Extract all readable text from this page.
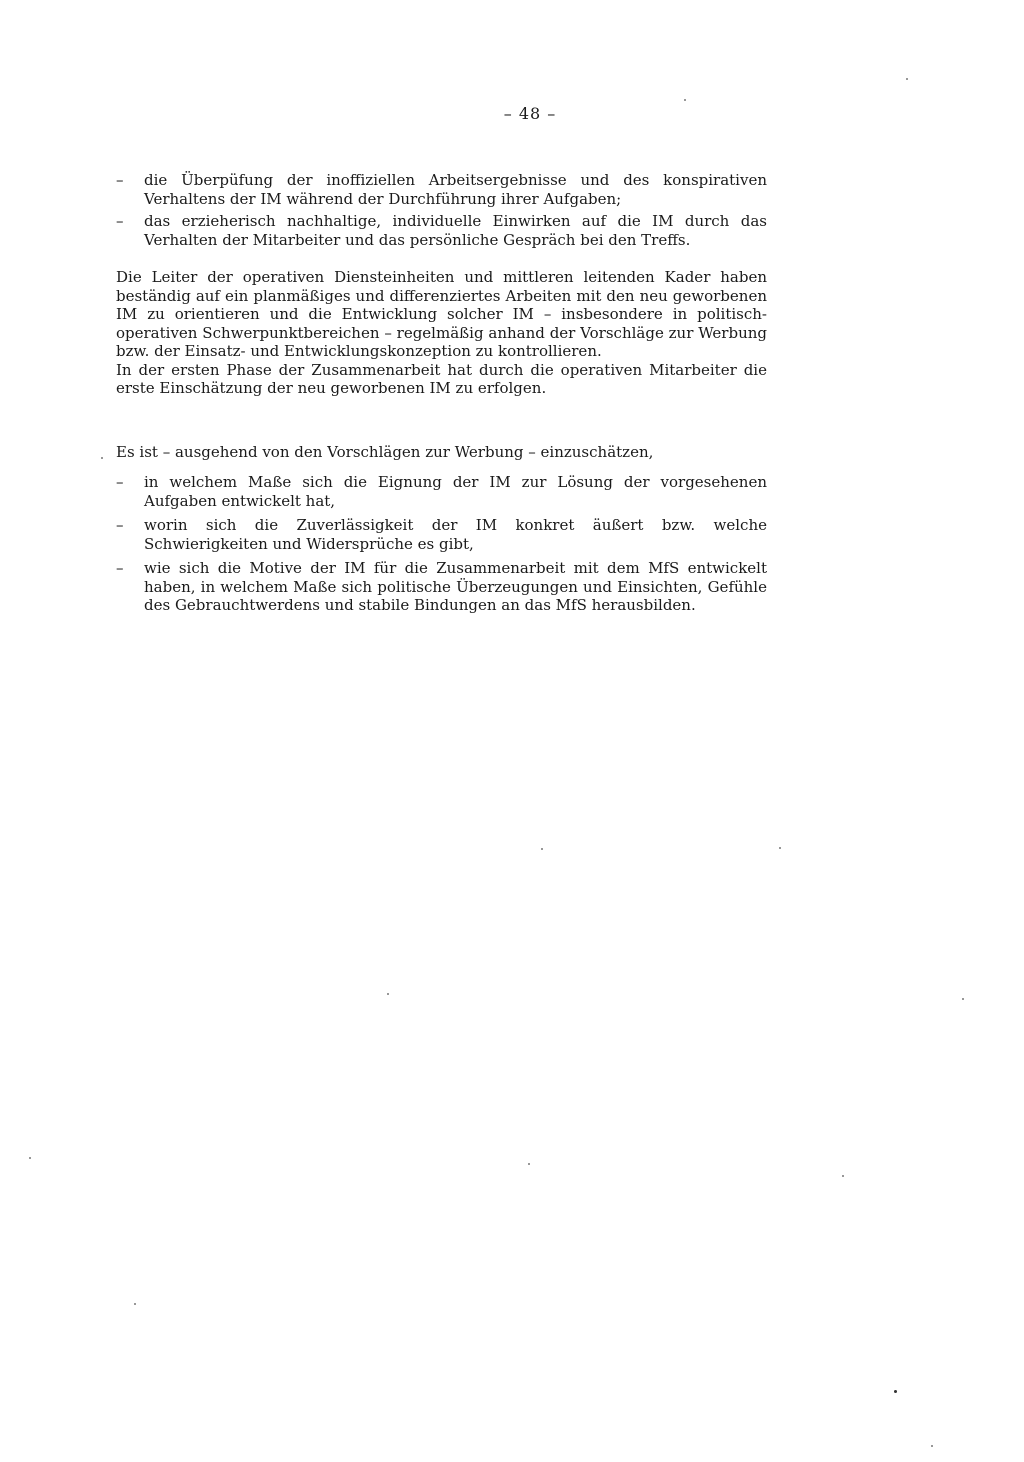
– 48 –
– die Überpüfung der inoffiziellen Arbeitsergebnisse und des konspirativen Verhaltens der IM während der Durchführung ihrer Aufgaben;
– das erzieherisch nachhaltige, individuelle Einwirken auf die IM durch das Verhalten der Mitarbeiter und das persönliche Gespräch bei den Treffs.
Die Leiter der operativen Diensteinheiten und mittleren leitenden Kader haben beständig auf ein planmäßiges und differenziertes Arbeiten mit den neu geworbenen IM zu orientieren und die Entwicklung solcher IM – insbesondere in politisch-operativen Schwerpunktbereichen – regelmäßig anhand der Vorschläge zur Werbung bzw. der Einsatz- und Entwicklungskonzeption zu kontrollieren.
In der ersten Phase der Zusammenarbeit hat durch die operativen Mitarbeiter die erste Einschätzung der neu geworbenen IM zu erfolgen.
Es ist – ausgehend von den Vorschlägen zur Werbung – einzuschätzen,
– in welchem Maße sich die Eignung der IM zur Lösung der vorgesehenen Aufgaben entwickelt hat,
– worin sich die Zuverlässigkeit der IM konkret äußert bzw. welche Schwierigkeiten und Widersprüche es gibt,
– wie sich die Motive der IM für die Zusammenarbeit mit dem MfS entwickelt haben, in welchem Maße sich politische Überzeugungen und Einsichten, Gefühle des Gebrauchtwerdens und stabile Bindungen an das MfS herausbilden.
